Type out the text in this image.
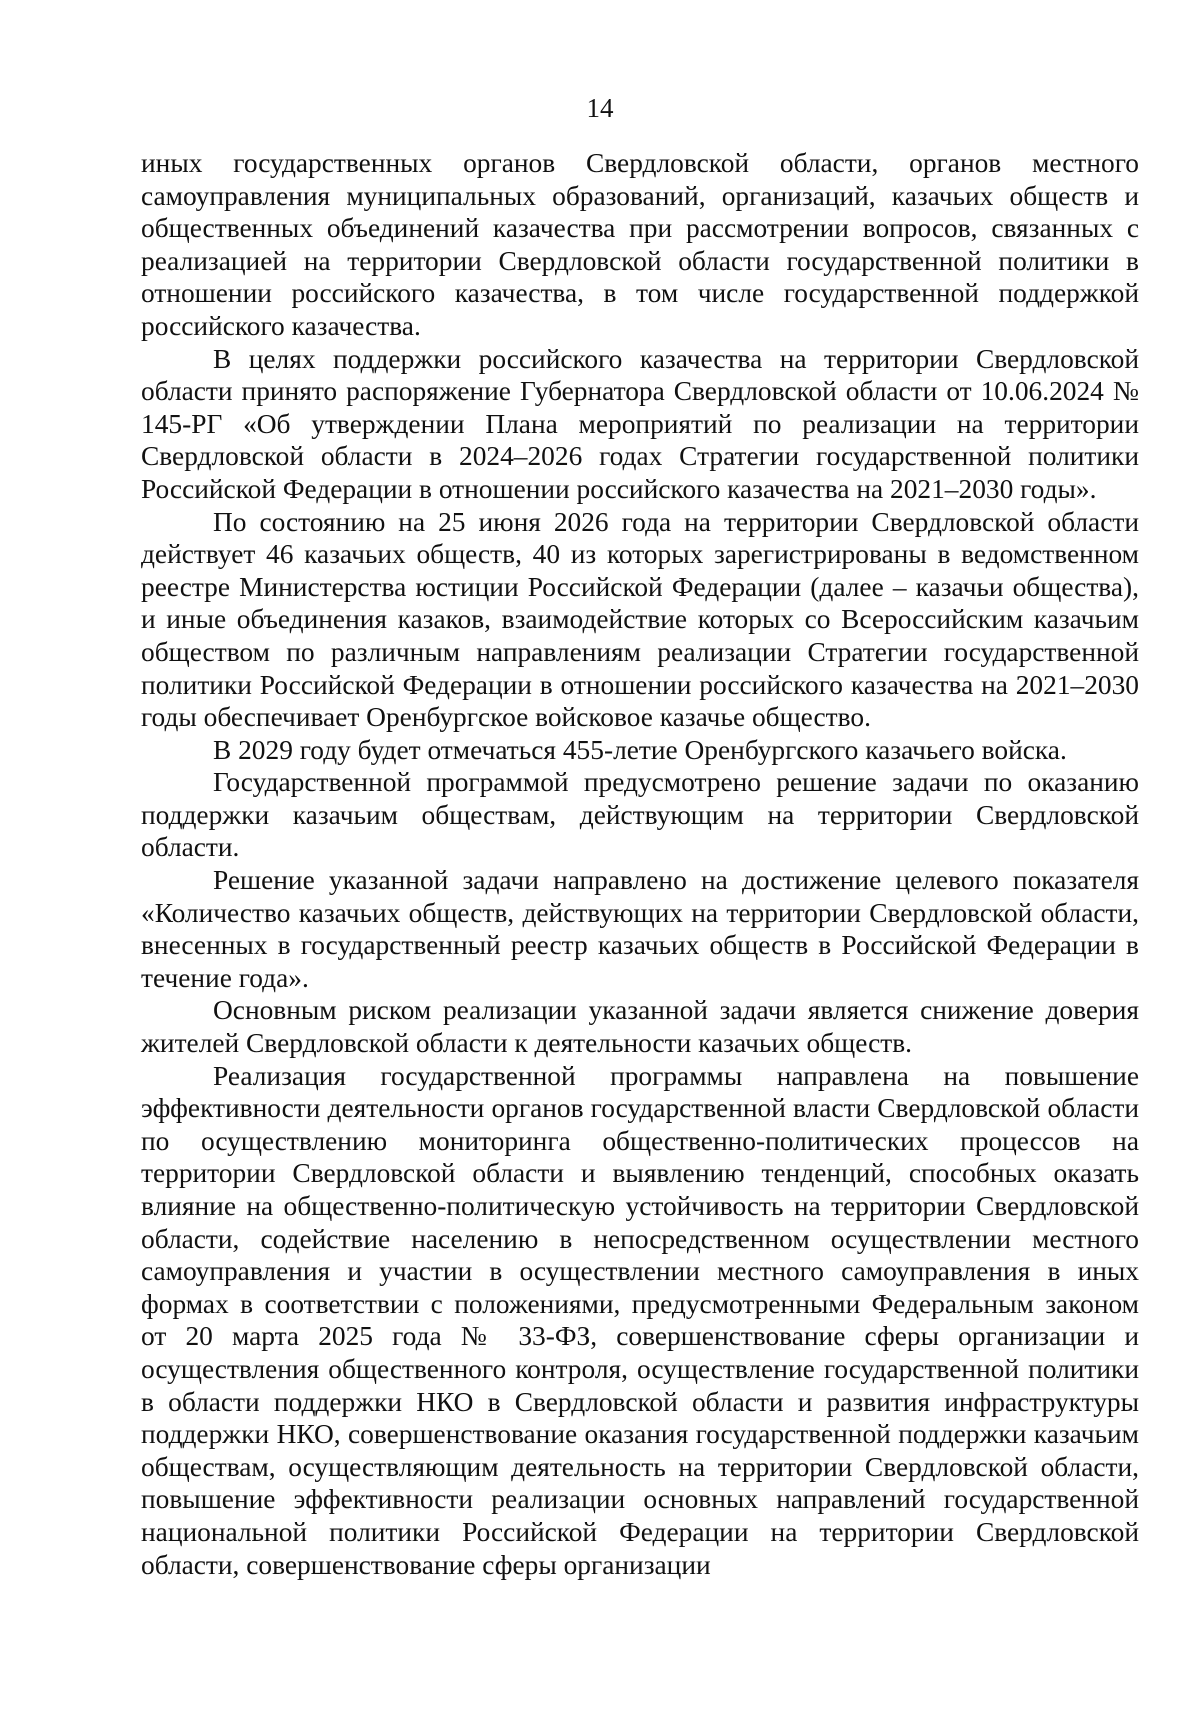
14

иных государственных органов Свердловской области, органов местного самоуправления муниципальных образований, организаций, казачьих обществ и общественных объединений казачества при рассмотрении вопросов, связанных с реализацией на территории Свердловской области государственной политики в отношении российского казачества, в том числе государственной поддержкой российского казачества.

В целях поддержки российского казачества на территории Свердловской области принято распоряжение Губернатора Свердловской области от 10.06.2024 № 145-РГ «Об утверждении Плана мероприятий по реализации на территории Свердловской области в 2024–2026 годах Стратегии государственной политики Российской Федерации в отношении российского казачества на 2021–2030 годы».

По состоянию на 25 июня 2026 года на территории Свердловской области действует 46 казачьих обществ, 40 из которых зарегистрированы в ведомственном реестре Министерства юстиции Российской Федерации (далее – казачьи общества), и иные объединения казаков, взаимодействие которых со Всероссийским казачьим обществом по различным направлениям реализации Стратегии государственной политики Российской Федерации в отношении российского казачества на 2021–2030 годы обеспечивает Оренбургское войсковое казачье общество.

В 2029 году будет отмечаться 455-летие Оренбургского казачьего войска.

Государственной программой предусмотрено решение задачи по оказанию поддержки казачьим обществам, действующим на территории Свердловской области.

Решение указанной задачи направлено на достижение целевого показателя «Количество казачьих обществ, действующих на территории Свердловской области, внесенных в государственный реестр казачьих обществ в Российской Федерации в течение года».

Основным риском реализации указанной задачи является снижение доверия жителей Свердловской области к деятельности казачьих обществ.

Реализация государственной программы направлена на повышение эффективности деятельности органов государственной власти Свердловской области по осуществлению мониторинга общественно-политических процессов на территории Свердловской области и выявлению тенденций, способных оказать влияние на общественно-политическую устойчивость на территории Свердловской области, содействие населению в непосредственном осуществлении местного самоуправления и участии в осуществлении местного самоуправления в иных формах в соответствии с положениями, предусмотренными Федеральным законом от 20 марта 2025 года № 33-ФЗ, совершенствование сферы организации и осуществления общественного контроля, осуществление государственной политики в области поддержки НКО в Свердловской области и развития инфраструктуры поддержки НКО, совершенствование оказания государственной поддержки казачьим обществам, осуществляющим деятельность на территории Свердловской области, повышение эффективности реализации основных направлений государственной национальной политики Российской Федерации на территории Свердловской области, совершенствование сферы организации
